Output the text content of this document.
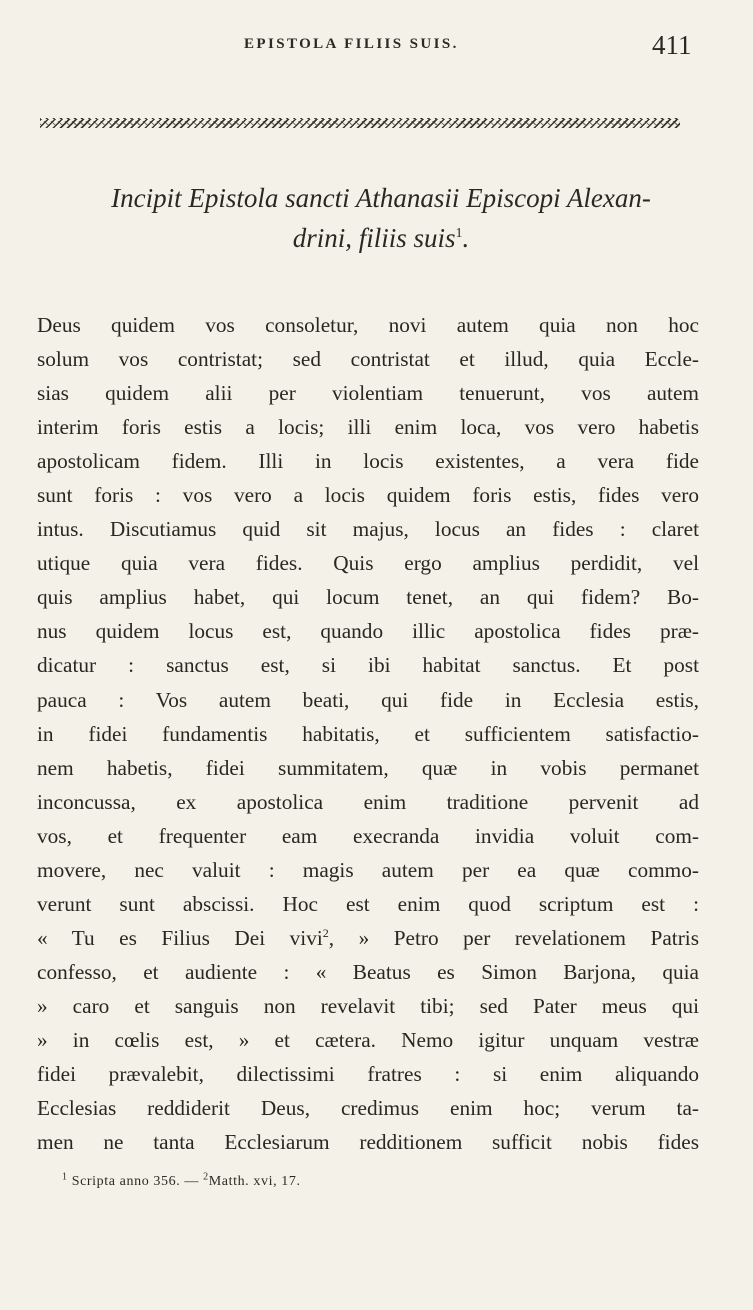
EPISTOLA FILIIS SUIS.	411
Incipit Epistola sancti Athanasii Episcopi Alexan-
drini, filiis suis$^1$.
Deus quidem vos consoletur, novi autem quia non hoc
solum vos contristat; sed contristat et illud, quia Eccle-
sias quidem alii per violentiam tenuerunt, vos autem
interim foris estis a locis; illi enim loca, vos vero habetis
apostolicam fidem. Illi in locis existentes, a vera fide
sunt foris : vos vero a locis quidem foris estis, fides vero
intus. Discutiamus quid sit majus, locus an fides : claret
utique quia vera fides. Quis ergo amplius perdidit, vel
quis amplius habet, qui locum tenet, an qui fidem? Bo-
nus quidem locus est, quando illic apostolica fides præ-
dicatur : sanctus est, si ibi habitat sanctus. Et post
pauca : Vos autem beati, qui fide in Ecclesia estis,
in fidei fundamentis habitatis, et sufficientem satisfactio-
nem habetis, fidei summitatem, quæ in vobis permanet
inconcussa, ex apostolica enim traditione pervenit ad
vos, et frequenter eam execranda invidia voluit com-
movere, nec valuit : magis autem per ea quæ commo-
verunt sunt abscissi. Hoc est enim quod scriptum est :
« Tu es Filius Dei vivi$^2$, » Petro per revelationem Patris
confesso, et audiente : « Beatus es Simon Barjona, quia
» caro et sanguis non revelavit tibi; sed Pater meus qui
» in cœlis est, » et cætera. Nemo igitur unquam vestræ
fidei prævalebit, dilectissimi fratres : si enim aliquando
Ecclesias reddiderit Deus, credimus enim hoc; verum ta-
men ne tanta Ecclesiarum redditionem sufficit nobis fides
$^1$ Scripta anno 356. — $^2$Matth. xvi, 17.
